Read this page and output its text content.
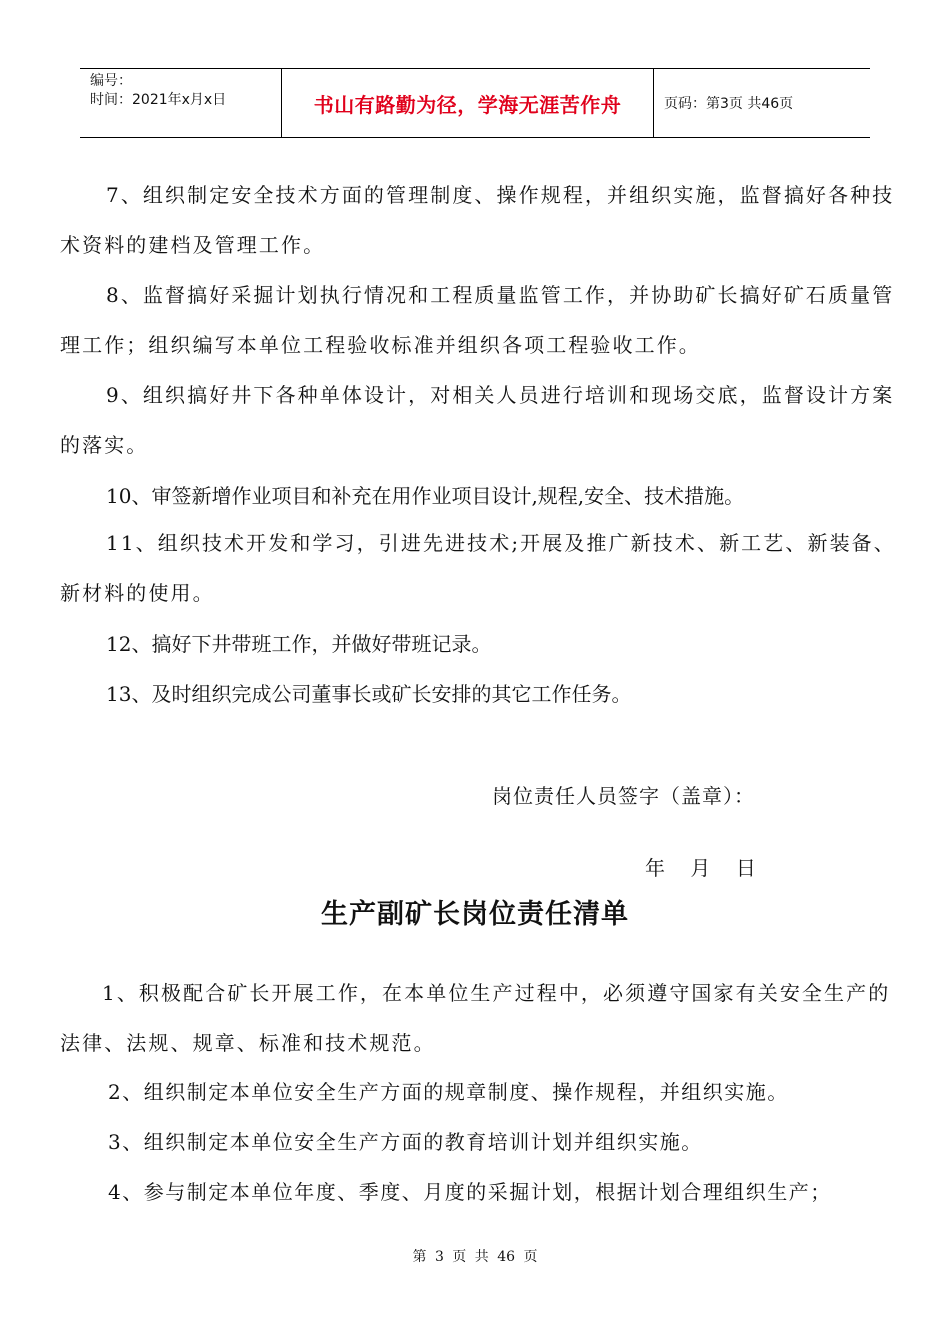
编号：
时间：2021年x月x日	书山有路勤为径，学海无涯苦作舟	页码：第3页 共46页

7、组织制定安全技术方面的管理制度、操作规程，并组织实施，监督搞好各种技术资料的建档及管理工作。

8、监督搞好采掘计划执行情况和工程质量监管工作，并协助矿长搞好矿石质量管理工作；组织编写本单位工程验收标准并组织各项工程验收工作。

9、组织搞好井下各种单体设计，对相关人员进行培训和现场交底，监督设计方案的落实。

10、审签新增作业项目和补充在用作业项目设计,规程,安全、技术措施。

11、组织技术开发和学习，引进先进技术;开展及推广新技术、新工艺、新装备、新材料的使用。

12、搞好下井带班工作，并做好带班记录。

13、及时组织完成公司董事长或矿长安排的其它工作任务。

岗位责任人员签字（盖章）：

年    月    日

生产副矿长岗位责任清单

1、积极配合矿长开展工作，在本单位生产过程中，必须遵守国家有关安全生产的法律、法规、规章、标准和技术规范。

2、组织制定本单位安全生产方面的规章制度、操作规程，并组织实施。

3、组织制定本单位安全生产方面的教育培训计划并组织实施。

4、参与制定本单位年度、季度、月度的采掘计划，根据计划合理组织生产；

第 3 页 共 46 页
